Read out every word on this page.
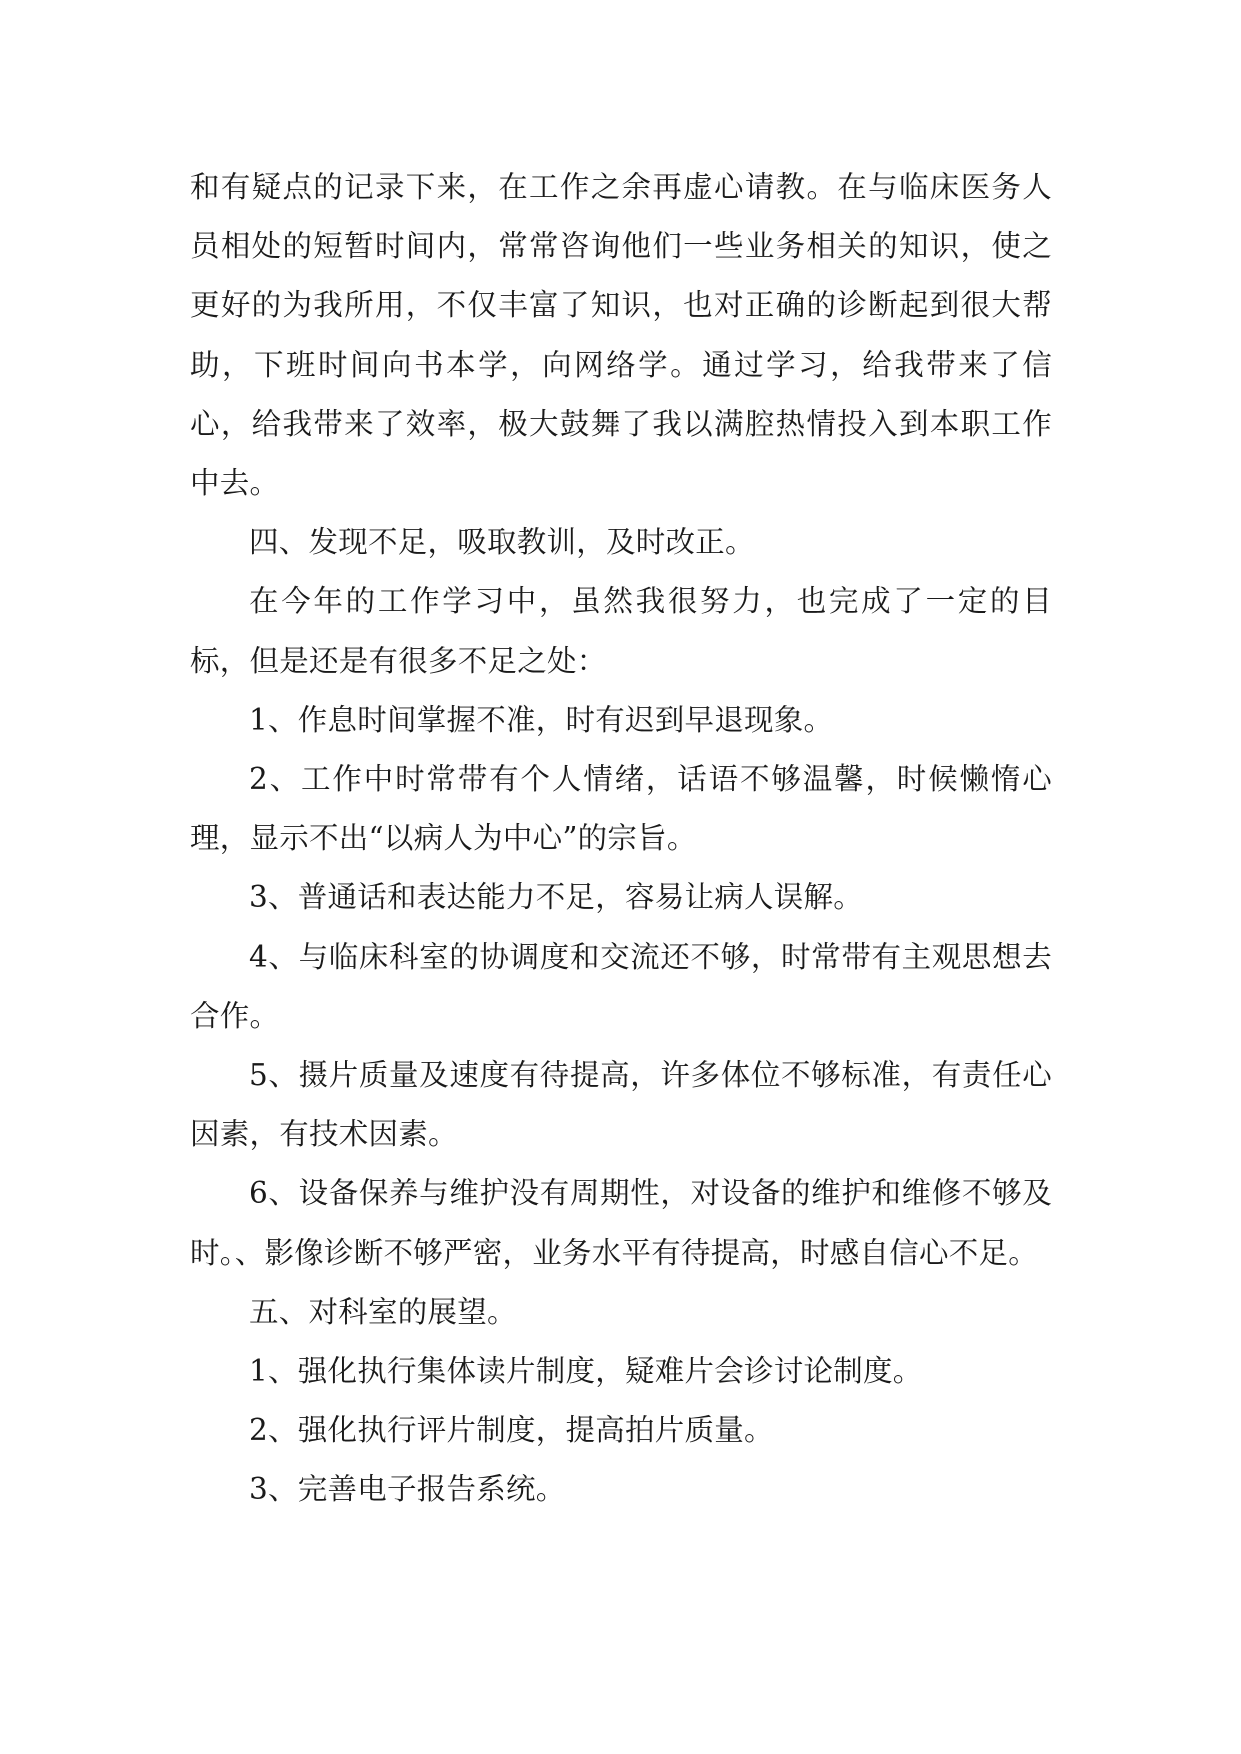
和有疑点的记录下来，在工作之余再虚心请教。在与临床医务人员相处的短暂时间内，常常咨询他们一些业务相关的知识，使之更好的为我所用，不仅丰富了知识，也对正确的诊断起到很大帮助，下班时间向书本学，向网络学。通过学习，给我带来了信心，给我带来了效率，极大鼓舞了我以满腔热情投入到本职工作中去。

四、发现不足，吸取教训，及时改正。

在今年的工作学习中，虽然我很努力，也完成了一定的目标，但是还是有很多不足之处：

1、作息时间掌握不准，时有迟到早退现象。

2、工作中时常带有个人情绪，话语不够温馨，时候懒惰心理，显示不出“以病人为中心”的宗旨。

3、普通话和表达能力不足，容易让病人误解。

4、与临床科室的协调度和交流还不够，时常带有主观思想去合作。

5、摄片质量及速度有待提高，许多体位不够标准，有责任心因素，有技术因素。

6、设备保养与维护没有周期性，对设备的维护和维修不够及时。、影像诊断不够严密，业务水平有待提高，时感自信心不足。

五、对科室的展望。

1、强化执行集体读片制度，疑难片会诊讨论制度。

2、强化执行评片制度，提高拍片质量。

3、完善电子报告系统。
